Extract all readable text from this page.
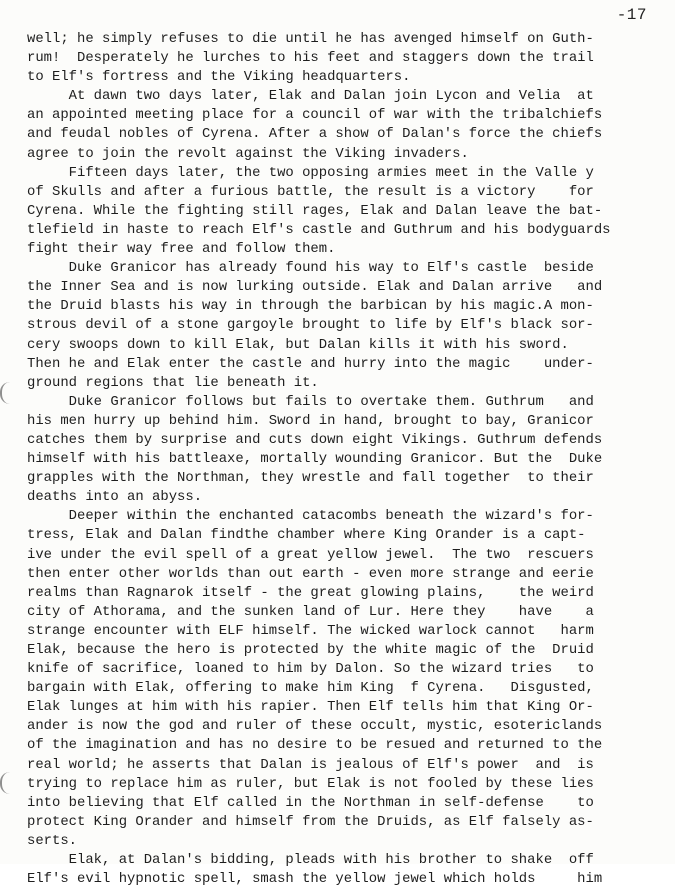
-17
well; he simply refuses to die until he has avenged himself on Guth-
rum!  Desperately he lurches to his feet and staggers down the trail
to Elf's fortress and the Viking headquarters.
At dawn two days later, Elak and Dalan join Lycon and Velia  at
an appointed meeting place for a council of war with the tribalchiefs
and feudal nobles of Cyrena. After a show of Dalan's force the chiefs
agree to join the revolt against the Viking invaders.
Fifteen days later, the two opposing armies meet in the Valle y
of Skulls and after a furious battle, the result is a victory    for
Cyrena. While the fighting still rages, Elak and Dalan leave the bat-
tlefield in haste to reach Elf's castle and Guthrum and his bodyguards
fight their way free and follow them.
Duke Granicor has already found his way to Elf's castle  beside
the Inner Sea and is now lurking outside. Elak and Dalan arrive   and
the Druid blasts his way in through the barbican by his magic.A mon-
strous devil of a stone gargoyle brought to life by Elf's black sor-
cery swoops down to kill Elak, but Dalan kills it with his sword.
Then he and Elak enter the castle and hurry into the magic    under-
ground regions that lie beneath it.
Duke Granicor follows but fails to overtake them. Guthrum   and
his men hurry up behind him. Sword in hand, brought to bay, Granicor
catches them by surprise and cuts down eight Vikings. Guthrum defends
himself with his battleaxe, mortally wounding Granicor. But the  Duke
grapples with the Northman, they wrestle and fall together  to their
deaths into an abyss.
Deeper within the enchanted catacombs beneath the wizard's for-
tress, Elak and Dalan findthe chamber where King Orander is a capt-
ive under the evil spell of a great yellow jewel.  The two  rescuers
then enter other worlds than out earth - even more strange and eerie
realms than Ragnarok itself - the great glowing plains,    the weird
city of Athorama, and the sunken land of Lur. Here they    have    a
strange encounter with ELF himself. The wicked warlock cannot   harm
Elak, because the hero is protected by the white magic of the  Druid
knife of sacrifice, loaned to him by Dalon. So the wizard tries   to
bargain with Elak, offering to make him King  f Cyrena.   Disgusted,
Elak lunges at him with his rapier. Then Elf tells him that King Or-
ander is now the god and ruler of these occult, mystic, esotericlands
of the imagination and has no desire to be resued and returned to the
real world; he asserts that Dalan is jealous of Elf's power  and  is
trying to replace him as ruler, but Elak is not fooled by these lies
into believing that Elf called in the Northman in self-defense    to
protect King Orander and himself from the Druids, as Elf falsely as-
serts.
Elak, at Dalan's bidding, pleads with his brother to shake  off
Elf's evil hypnotic spell, smash the yellow jewel which holds     him
